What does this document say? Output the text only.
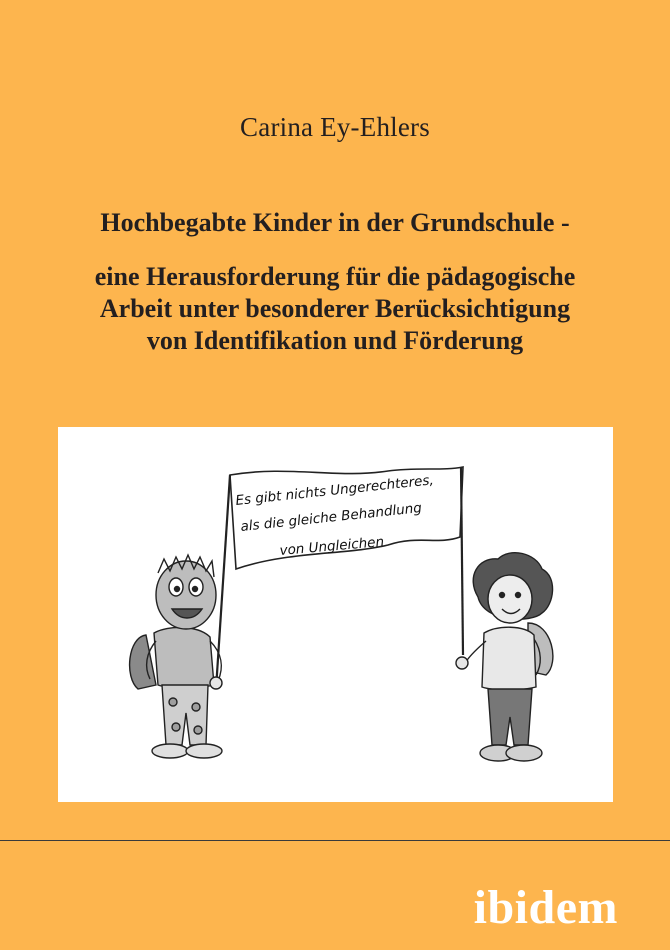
Carina Ey-Ehlers
Hochbegabte Kinder in der Grundschule -
eine Herausforderung für die pädagogische
Arbeit unter besonderer Berücksichtigung
von Identifikation und Förderung
Es gibt nichts Ungerechteres,
als die gleiche Behandlung
von Ungleichen
ibidem
